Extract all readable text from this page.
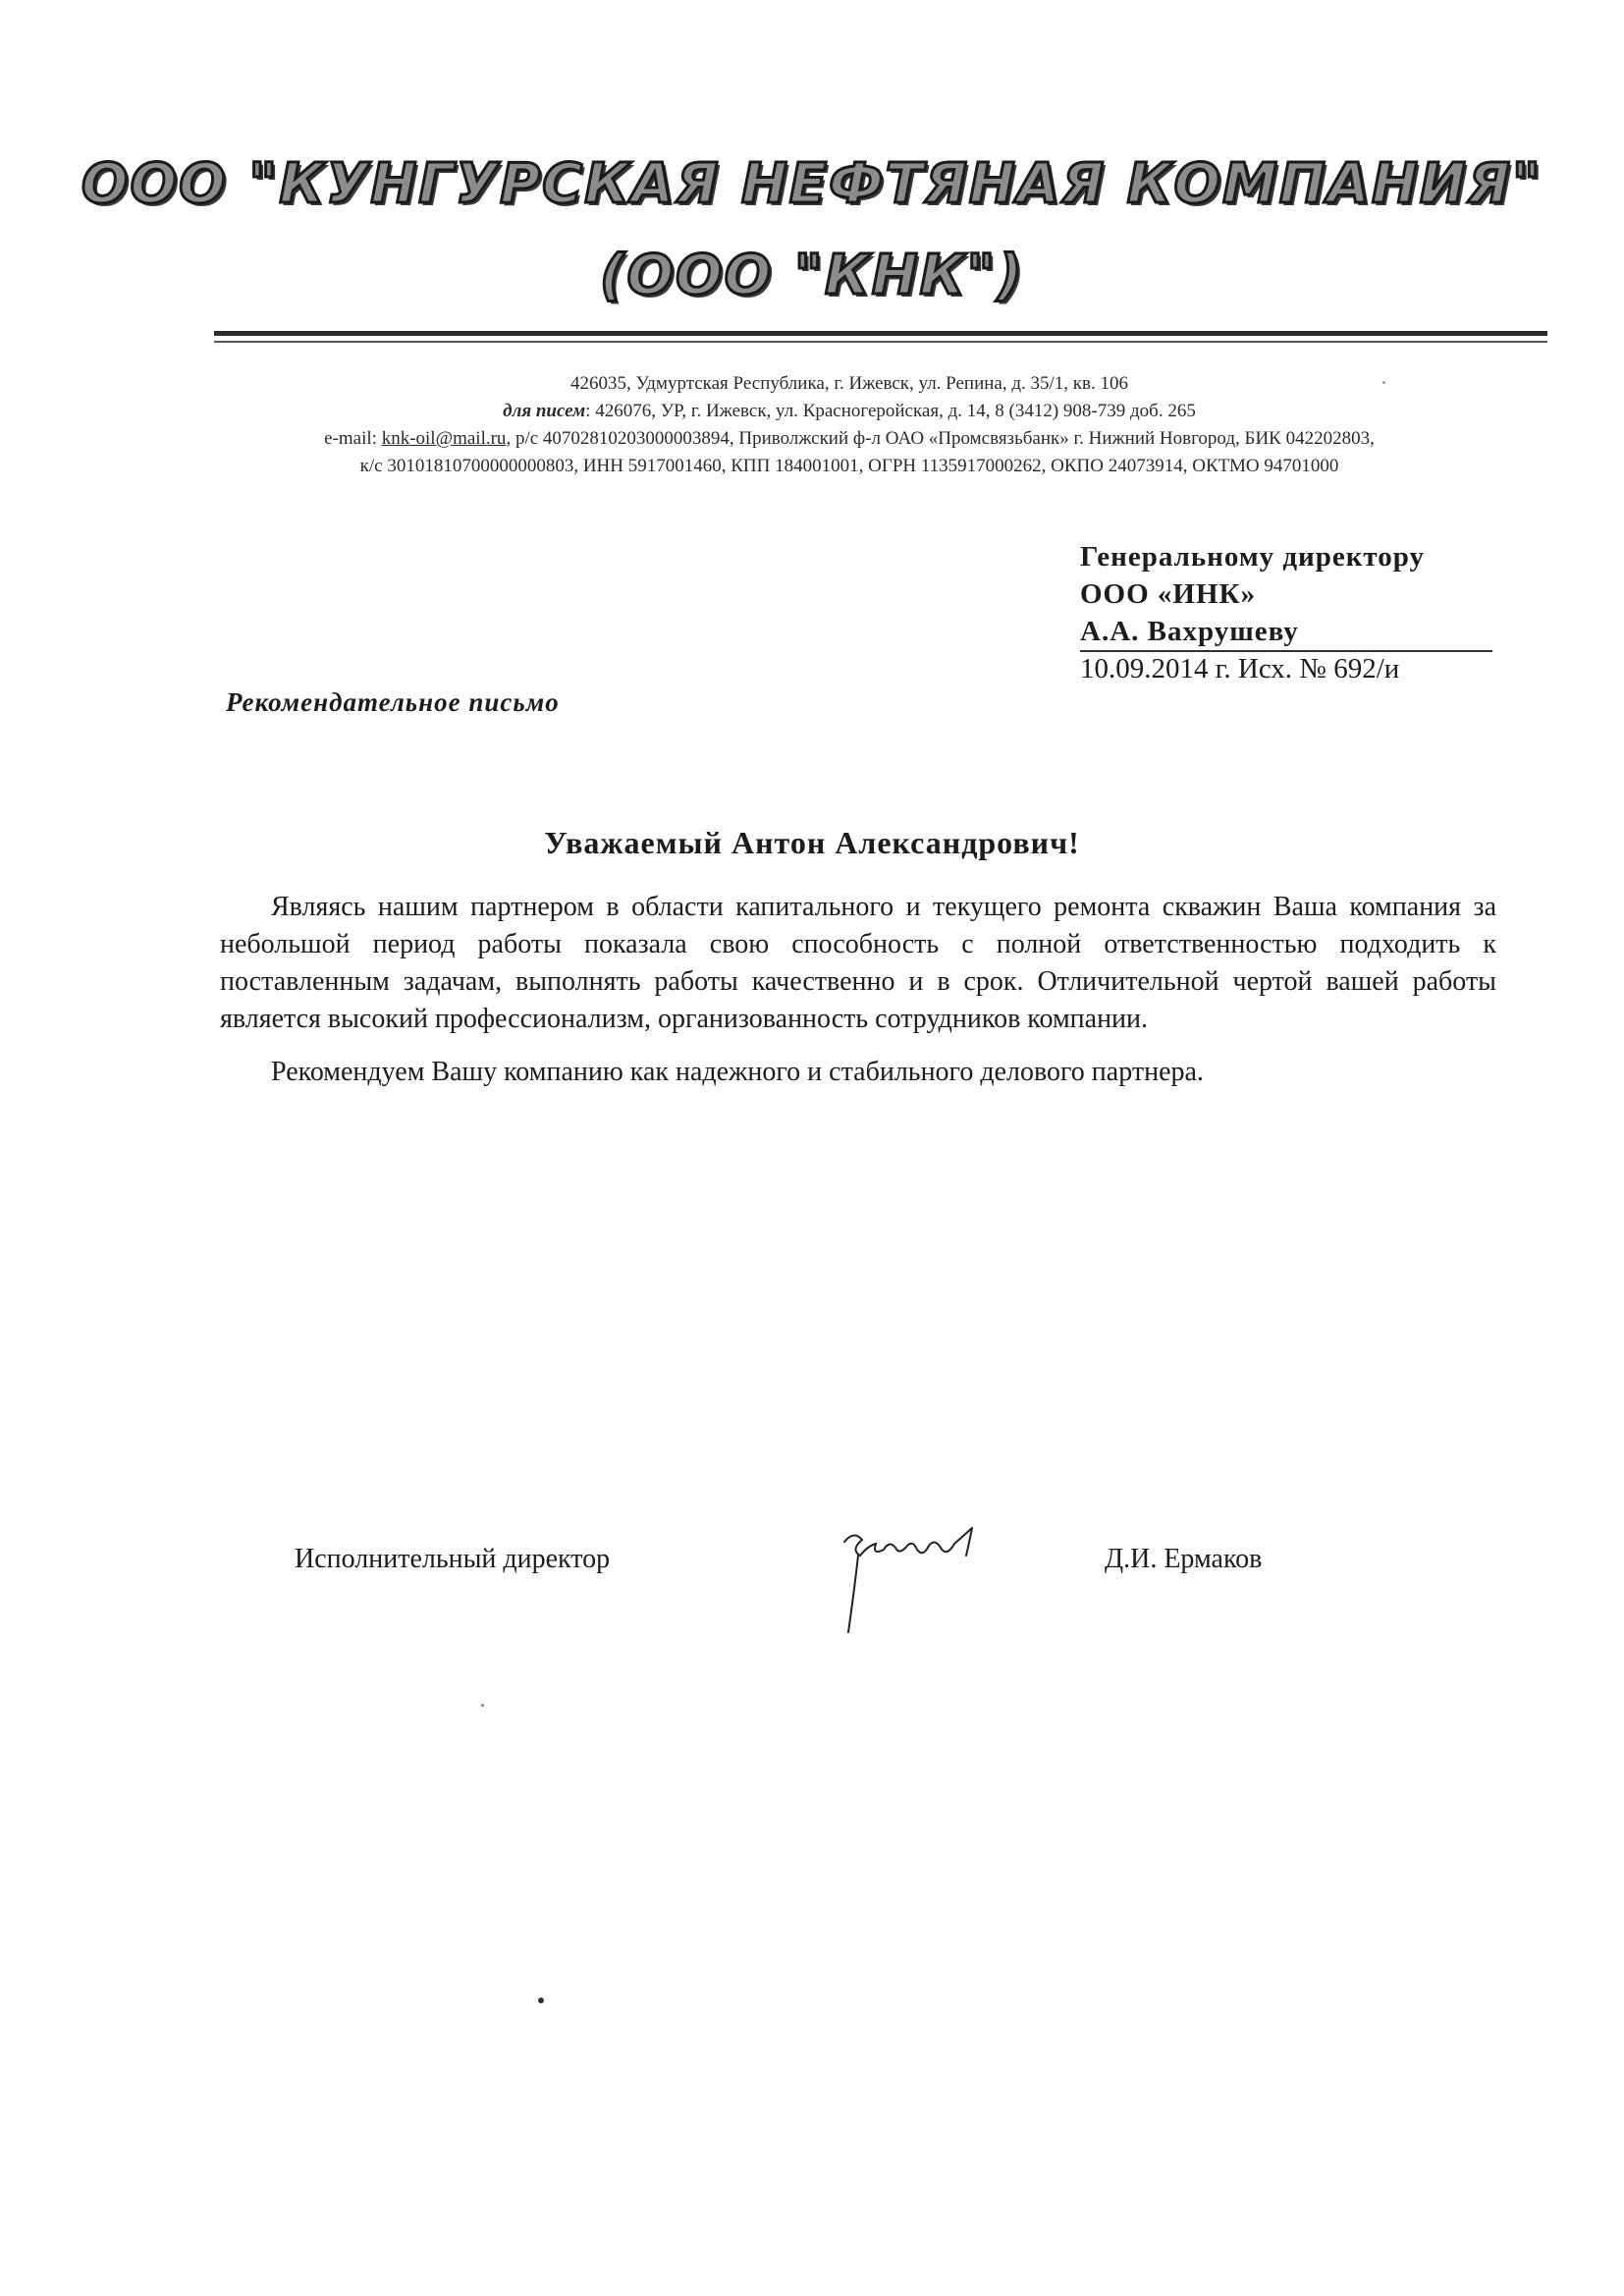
ООО "КУНГУРСКАЯ НЕФТЯНАЯ КОМПАНИЯ"
(ООО "КНК")
426035, Удмуртская Республика, г. Ижевск, ул. Репина, д. 35/1, кв. 106
для писем: 426076, УР, г. Ижевск, ул. Красногеройская, д. 14, 8 (3412) 908-739 доб. 265
e-mail: knk-oil@mail.ru, р/с 40702810203000003894, Приволжский ф-л ОАО «Промсвязьбанк» г. Нижний Новгород, БИК 042202803,
к/с 30101810700000000803, ИНН 5917001460, КПП 184001001, ОГРН 1135917000262, ОКПО 24073914, ОКТМО 94701000
Генеральному директору
ООО «ИНК»
А.А. Вахрушеву
10.09.2014 г. Исх. № 692/и
Рекомендательное письмо
Уважаемый Антон Александрович!

Являясь нашим партнером в области капитального и текущего ремонта скважин Ваша компания за небольшой период работы показала свою способность с полной ответственностью подходить к поставленным задачам, выполнять работы качественно и в срок. Отличительной чертой вашей работы является высокий профессионализм, организованность сотрудников компании.

Рекомендуем Вашу компанию как надежного и стабильного делового партнера.

Исполнительный директор	Д.И. Ермаков
